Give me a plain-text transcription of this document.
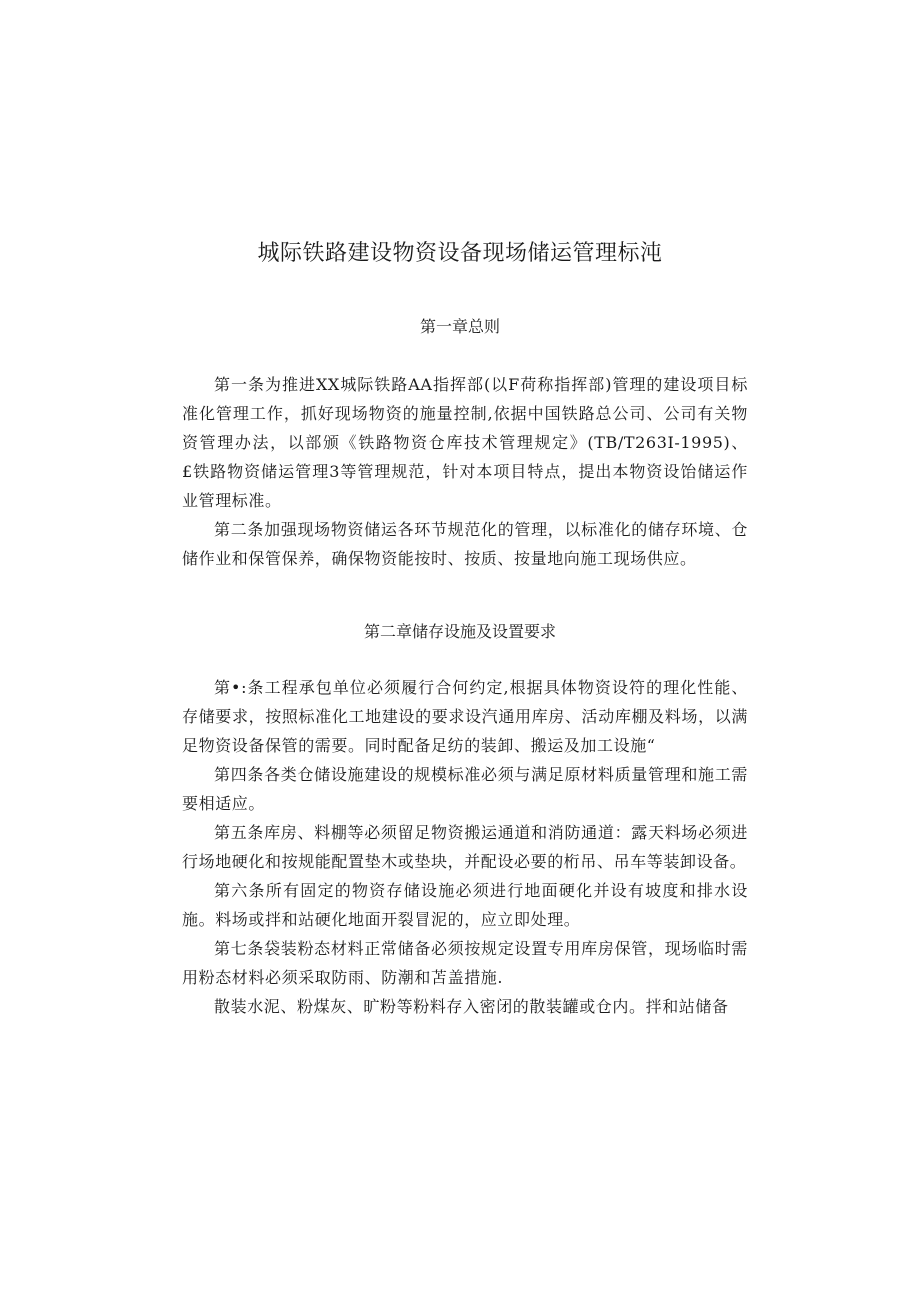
城际铁路建设物资设备现场储运管理标沌
第一章总则

第一条为推进XX城际铁路AA指挥部(以F荷称指挥部)管理的建设项目标准化管理工作，抓好现场物资的施量控制,依据中国铁路总公司、公司有关物资管理办法，以部颁《铁路物资仓库技术管理规定》(TB/T263I-1995)、£铁路物资储运管理3等管理规范，针对本项目特点，提出本物资设饴储运作业管理标准。

第二条加强现场物资储运各环节规范化的管理，以标准化的储存环境、仓储作业和保管保养，确保物资能按时、按质、按量地向施工现场供应。

第二章储存设施及设置要求

第•:条工程承包单位必须履行合何约定,根据具体物资设符的理化性能、存储要求，按照标准化工地建设的要求设汽通用库房、活动库棚及料场，以满足物资设备保管的需要。同时配备足纺的装卸、搬运及加工设施“

第四条各类仓储设施建设的规模标准必须与满足原材料质量管理和施工需要相适应。

第五条库房、料棚等必须留足物资搬运通道和消防通道：露天料场必须进行场地硬化和按规能配置垫木或垫块，并配设必要的桁吊、吊车等装卸设备。

第六条所有固定的物资存储设施必须进行地面硬化并设有坡度和排水设施。料场或拌和站硬化地面开裂冒泥的，应立即处理。

第七条袋装粉态材料正常储备必须按规定设置专用库房保管，现场临时需用粉态材料必须采取防雨、防潮和苫盖措施.

散装水泥、粉煤灰、旷粉等粉料存入密闭的散装罐或仓内。拌和站储备
